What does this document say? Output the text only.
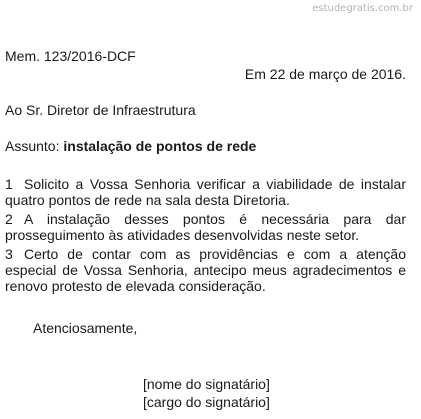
estudegratis.com.br
Mem. 123/2016-DCF
Em 22 de março de 2016.
Ao Sr. Diretor de Infraestrutura
Assunto: instalação de pontos de rede
1 Solicito a Vossa Senhoria verificar a viabilidade de instalar quatro pontos de rede na sala desta Diretoria.
2 A instalação desses pontos é necessária para dar prosseguimento às atividades desenvolvidas neste setor.
3 Certo de contar com as providências e com a atenção especial de Vossa Senhoria, antecipo meus agradecimentos e renovo protesto de elevada consideração.
Atenciosamente,
[nome do signatário]
[cargo do signatário]
